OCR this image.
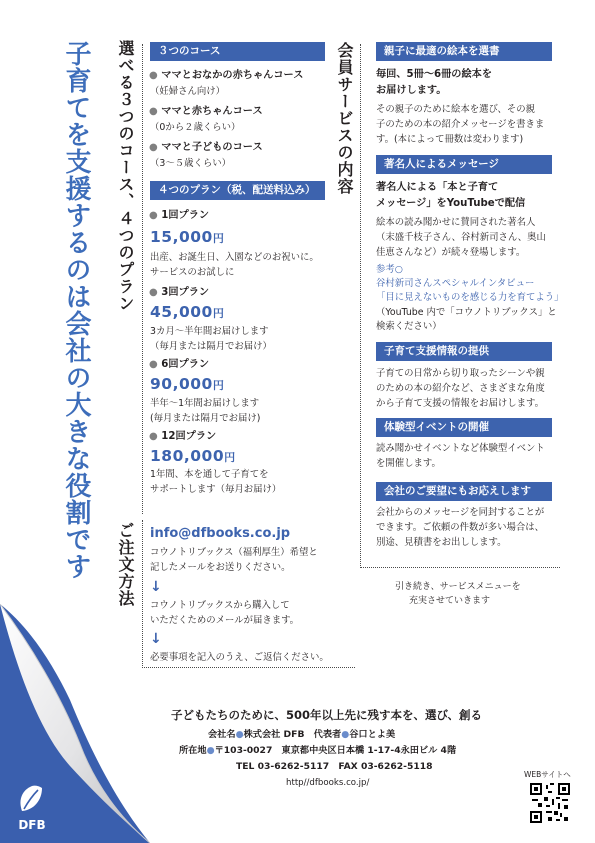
DFB
子育てを支援するのは会社の大きな役割です 選べる３つのコース、４つのプラン	会員サービスの内容
ご注文方法
３つのコース
● ママとおなかの赤ちゃんコース
（妊婦さん向け）
● ママと赤ちゃんコース
（0から２歳くらい）
● ママと子どものコース
（3〜５歳くらい）
４つのプラン（税、配送料込み）
● 1回プラン
15,000円
出産、お誕生日、入園などのお祝いに。
サービスのお試しに
● 3回プラン
45,000円
3カ月〜半年間お届けします
（毎月または隔月でお届け）
● 6回プラン
90,000円
半年〜1年間お届けします
(毎月または隔月でお届け)
● 12回プラン
180,000円
1年間、本を通して子育てを
サポートします（毎月お届け）
info@dfbooks.co.jp
コウノトリブックス（福利厚生）希望と
記したメールをお送りください。
↓
コウノトリブックスから購入して
いただくためのメールが届きます。
↓
必要事項を記入のうえ、ご返信ください。
親子に最適の絵本を選書
毎回、5冊〜6冊の絵本を
お届けします。
その親子のために絵本を選び、その親
子のための本の紹介メッセージを書きま
す。(本によって冊数は変わります)
著名人によるメッセージ
著名人による「本と子育て
メッセージ」をYouTubeで配信
絵本の読み聞かせに賛同された著名人
（末盛千枝子さん、谷村新司さん、奥山
佳恵さんなど）が続々登場します。
参考○
谷村新司さんスペシャルインタビュー
「目に見えないものを感じる力を育てよう」
（YouTube 内で「コウノトリブックス」と
検索ください）
子育て支援情報の提供
子育ての日常から切り取ったシーンや親
のための本の紹介など、さまざまな角度
から子育て支援の情報をお届けします。
体験型イベントの開催
読み聞かせイベントなど体験型イベント
を開催します。
会社のご要望にもお応えします
会社からのメッセージを同封することが
できます。ご依頼の件数が多い場合は、
別途、見積書をお出しします。
引き続き、サービスメニューを
充実させていきます
子どもたちのために、500年以上先に残す本を、選び、創る
会社名●株式会社 DFB　 代表者●谷口とよ美
所在地●〒103‐0027　東京都中央区日本橋 1‐17‐4永田ビル 4階
TEL 03‐6262‐5117　 FAX 03‐6262‐5118
http//dfbooks.co.jp/
WEBサイトへ
